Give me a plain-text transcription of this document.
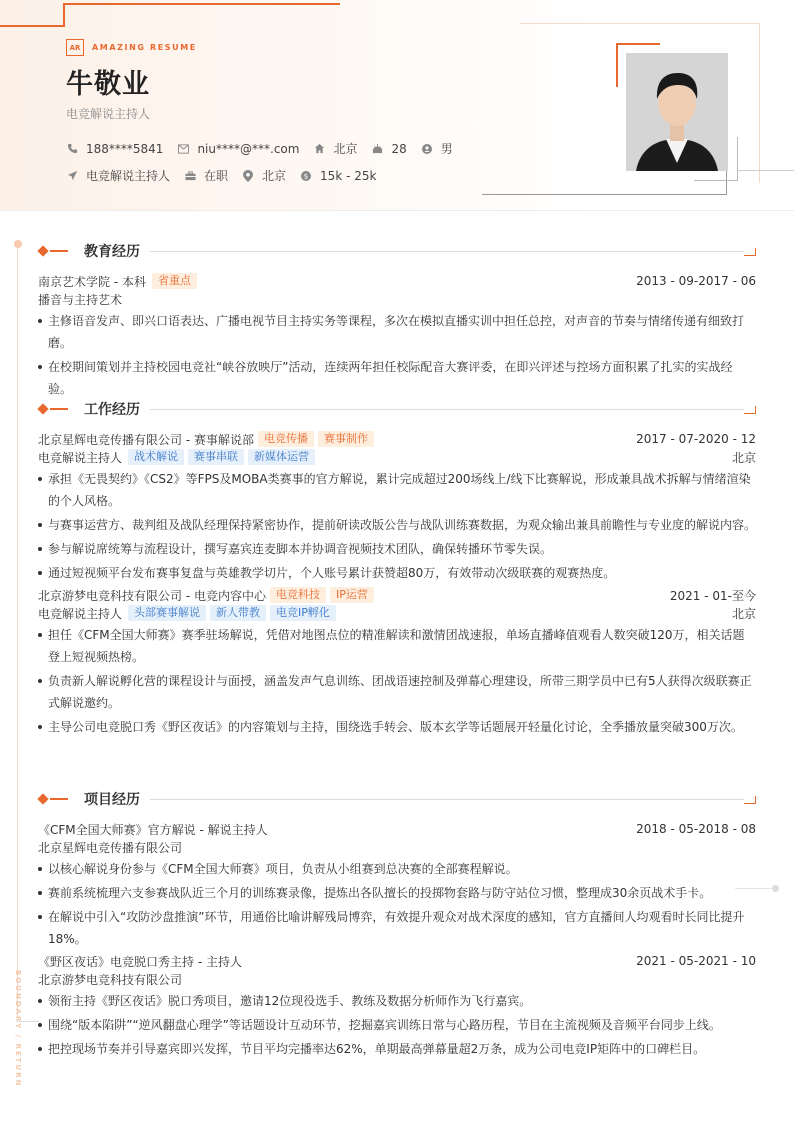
AR	AMAZING RESUME
牛敬业
电竞解说主持人
188****5841	niu****@***.com	北京	28	男
电竞解说主持人	在职	北京	$ 15k - 25k
BOUNDARY / RETURN
教育经历
南京艺术学院 - 本科	省重点	2013 - 09-2017 - 06
播音与主持艺术
主修语音发声、即兴口语表达、广播电视节目主持实务等课程，多次在模拟直播实训中担任总控，对声音的节奏与情绪传递有细致打磨。
在校期间策划并主持校园电竞社“峡谷放映厅”活动，连续两年担任校际配音大赛评委，在即兴评述与控场方面积累了扎实的实战经验。
工作经历
北京星辉电竞传播有限公司 - 赛事解说部 电竞传播	赛事制作	2017 - 07-2020 - 12
电竞解说主持人	战术解说	赛事串联	新媒体运营	北京
承担《无畏契约》《CS2》等FPS及MOBA类赛事的官方解说，累计完成超过200场线上/线下比赛解说，形成兼具战术拆解与情绪渲染的个人风格。
与赛事运营方、裁判组及战队经理保持紧密协作，提前研读改版公告与战队训练赛数据，为观众输出兼具前瞻性与专业度的解说内容。
参与解说席统筹与流程设计，撰写嘉宾连麦脚本并协调音视频技术团队，确保转播环节零失误。
通过短视频平台发布赛事复盘与英雄教学切片，个人账号累计获赞超80万，有效带动次级联赛的观赛热度。
北京游梦电竞科技有限公司 - 电竞内容中心 电竞科技	IP运营	2021 - 01-至今
电竞解说主持人	头部赛事解说	新人带教	电竞IP孵化	北京
担任《CFM全国大师赛》赛季驻场解说，凭借对地图点位的精准解读和激情团战速报，单场直播峰值观看人数突破120万，相关话题登上短视频热榜。
负责新人解说孵化营的课程设计与面授，涵盖发声气息训练、团战语速控制及弹幕心理建设，所带三期学员中已有5人获得次级联赛正式解说邀约。
主导公司电竞脱口秀《野区夜话》的内容策划与主持，围绕选手转会、版本玄学等话题展开轻量化讨论，全季播放量突破300万次。
项目经历
《CFM全国大师赛》官方解说 - 解说主持人	2018 - 05-2018 - 08
北京星辉电竞传播有限公司
以核心解说身份参与《CFM全国大师赛》项目，负责从小组赛到总决赛的全部赛程解说。
赛前系统梳理六支参赛战队近三个月的训练赛录像，提炼出各队擅长的投掷物套路与防守站位习惯，整理成30余页战术手卡。
在解说中引入“攻防沙盘推演”环节，用通俗比喻讲解残局博弈，有效提升观众对战术深度的感知，官方直播间人均观看时长同比提升18%。
《野区夜话》电竞脱口秀主持 - 主持人	2021 - 05-2021 - 10
北京游梦电竞科技有限公司
领衔主持《野区夜话》脱口秀项目，邀请12位现役选手、教练及数据分析师作为飞行嘉宾。
围绕“版本陷阱”“逆风翻盘心理学”等话题设计互动环节，挖掘嘉宾训练日常与心路历程，节目在主流视频及音频平台同步上线。
把控现场节奏并引导嘉宾即兴发挥，节目平均完播率达62%，单期最高弹幕量超2万条，成为公司电竞IP矩阵中的口碑栏目。
